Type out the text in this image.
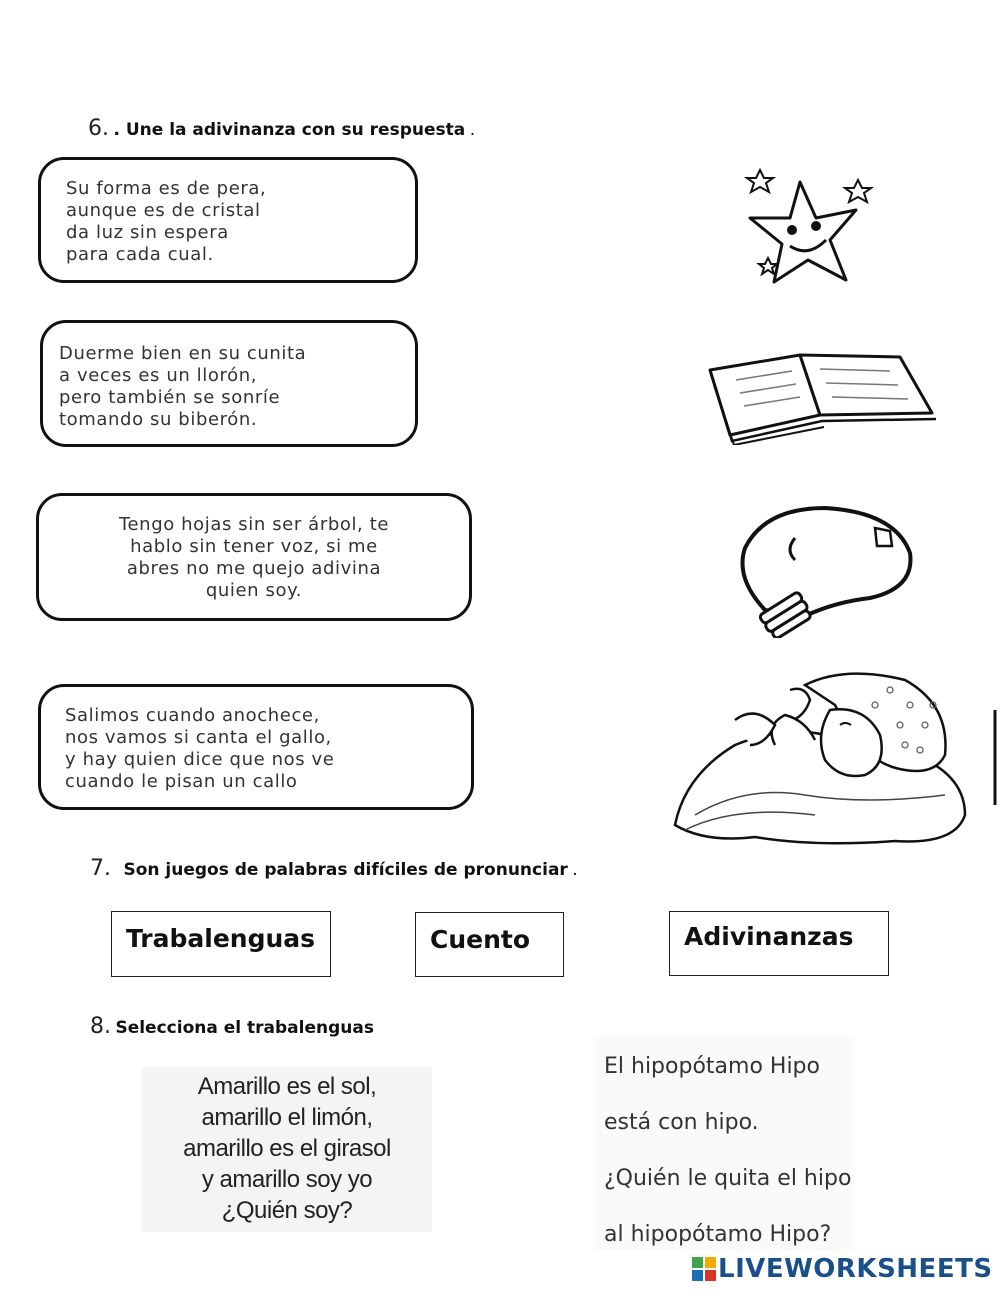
6. . Une la adivinanza con su respuesta .
Su forma es de pera,
aunque es de cristal
da luz sin espera
para cada cual.
Duerme bien en su cunita
a veces es un llorón,
pero también se sonríe
tomando su biberón.
Tengo hojas sin ser árbol, te
hablo sin tener voz, si me
abres no me quejo adivina
quien soy.
Salimos cuando anochece,
nos vamos si canta el gallo,
y hay quien dice que nos ve
cuando le pisan un callo
7. Son juegos de palabras difíciles de pronunciar .
Trabalenguas	Cuento	Adivinanzas
8. Selecciona el trabalenguas
Amarillo es el sol,
amarillo el limón,
amarillo es el girasol
y amarillo soy yo
¿Quién soy?
El hipopótamo Hipo
está con hipo.
¿Quién le quita el hipo
al hipopótamo Hipo?
LIVEWORKSHEETS
